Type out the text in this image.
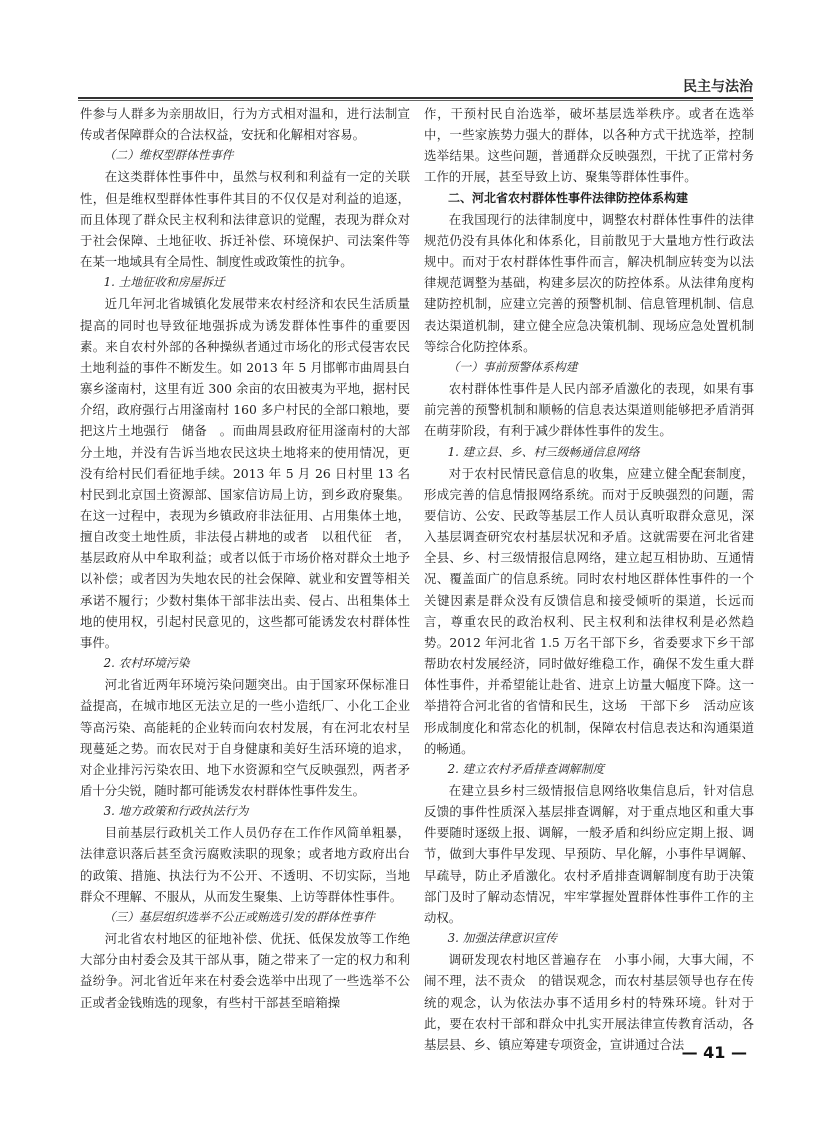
民主与法治

件参与人群多为亲朋故旧，行为方式相对温和，进行法制宣传或者保障群众的合法权益，安抚和化解相对容易。

（二）维权型群体性事件

在这类群体性事件中，虽然与权利和利益有一定的关联性，但是维权型群体性事件其目的不仅仅是对利益的追逐，而且体现了群众民主权利和法律意识的觉醒，表现为群众对于社会保障、土地征收、拆迁补偿、环境保护、司法案件等在某一地域具有全局性、制度性或政策性的抗争。

1. 土地征收和房屋拆迁

近几年河北省城镇化发展带来农村经济和农民生活质量提高的同时也导致征地强拆成为诱发群体性事件的重要因素。来自农村外部的各种操纵者通过市场化的形式侵害农民土地利益的事件不断发生。如 2013 年 5 月邯郸市曲周县白寨乡滏南村，这里有近 300 余亩的农田被夷为平地，据村民介绍，政府强行占用滏南村 160 多户村民的全部口粮地，要把这片土地强行　储备　。而曲周县政府征用滏南村的大部分土地，并没有告诉当地农民这块土地将来的使用情况，更没有给村民们看征地手续。2013 年 5 月 26 日村里 13 名村民到北京国土资源部、国家信访局上访，到乡政府聚集。在这一过程中，表现为乡镇政府非法征用、占用集体土地，擅自改变土地性质，非法侵占耕地的或者　以租代征　者，基层政府从中牟取利益；或者以低于市场价格对群众土地予以补偿；或者因为失地农民的社会保障、就业和安置等相关承诺不履行；少数村集体干部非法出卖、侵占、出租集体土地的使用权，引起村民意见的，这些都可能诱发农村群体性事件。

2. 农村环境污染

河北省近两年环境污染问题突出。由于国家环保标准日益提高，在城市地区无法立足的一些小造纸厂、小化工企业等高污染、高能耗的企业转而向农村发展，有在河北农村呈现蔓延之势。而农民对于自身健康和美好生活环境的追求，对企业排污污染农田、地下水资源和空气反映强烈，两者矛盾十分尖锐，随时都可能诱发农村群体性事件发生。

3. 地方政策和行政执法行为

目前基层行政机关工作人员仍存在工作作风简单粗暴，法律意识落后甚至贪污腐败渎职的现象；或者地方政府出台的政策、措施、执法行为不公开、不透明、不切实际，当地群众不理解、不服从，从而发生聚集、上访等群体性事件。

（三）基层组织选举不公正或贿选引发的群体性事件

河北省农村地区的征地补偿、优抚、低保发放等工作绝大部分由村委会及其干部从事，随之带来了一定的权力和利益纷争。河北省近年来在村委会选举中出现了一些选举不公正或者金钱贿选的现象，有些村干部甚至暗箱操

作，干预村民自治选举，破坏基层选举秩序。或者在选举中，一些家族势力强大的群体，以各种方式干扰选举，控制选举结果。这些问题，普通群众反映强烈，干扰了正常村务工作的开展，甚至导致上访、聚集等群体性事件。

二、河北省农村群体性事件法律防控体系构建

在我国现行的法律制度中，调整农村群体性事件的法律规范仍没有具体化和体系化，目前散见于大量地方性行政法规中。而对于农村群体性事件而言，解决机制应转变为以法律规范调整为基础，构建多层次的防控体系。从法律角度构建防控机制，应建立完善的预警机制、信息管理机制、信息表达渠道机制，建立健全应急决策机制、现场应急处置机制等综合化防控体系。

（一）事前预警体系构建

农村群体性事件是人民内部矛盾激化的表现，如果有事前完善的预警机制和顺畅的信息表达渠道则能够把矛盾消弭在萌芽阶段，有利于减少群体性事件的发生。

1. 建立县、乡、村三级畅通信息网络

对于农村民情民意信息的收集，应建立健全配套制度，形成完善的信息情报网络系统。而对于反映强烈的问题，需要信访、公安、民政等基层工作人员认真听取群众意见，深入基层调查研究农村基层状况和矛盾。这就需要在河北省建全县、乡、村三级情报信息网络，建立起互相协助、互通情况、覆盖面广的信息系统。同时农村地区群体性事件的一个关键因素是群众没有反馈信息和接受倾听的渠道，长远而言，尊重农民的政治权利、民主权利和法律权利是必然趋势。2012 年河北省 1.5 万名干部下乡，省委要求下乡干部帮助农村发展经济，同时做好维稳工作，确保不发生重大群体性事件，并希望能让赴省、进京上访量大幅度下降。这一举措符合河北省的省情和民生，这场　干部下乡　活动应该形成制度化和常态化的机制，保障农村信息表达和沟通渠道的畅通。

2. 建立农村矛盾排查调解制度

在建立县乡村三级情报信息网络收集信息后，针对信息反馈的事件性质深入基层排查调解，对于重点地区和重大事件要随时逐级上报、调解，一般矛盾和纠纷应定期上报、调节，做到大事件早发现、早预防、早化解，小事件早调解、早疏导，防止矛盾激化。农村矛盾排查调解制度有助于决策部门及时了解动态情况，牢牢掌握处置群体性事件工作的主动权。

3. 加强法律意识宣传

调研发现农村地区普遍存在　小事小闹，大事大闹，不闹不理，法不责众　的错误观念，而农村基层领导也存在传统的观念，认为依法办事不适用乡村的特殊环境。针对于此，要在农村干部和群众中扎实开展法律宣传教育活动，各基层县、乡、镇应筹建专项资金，宣讲通过合法

— 41 —
